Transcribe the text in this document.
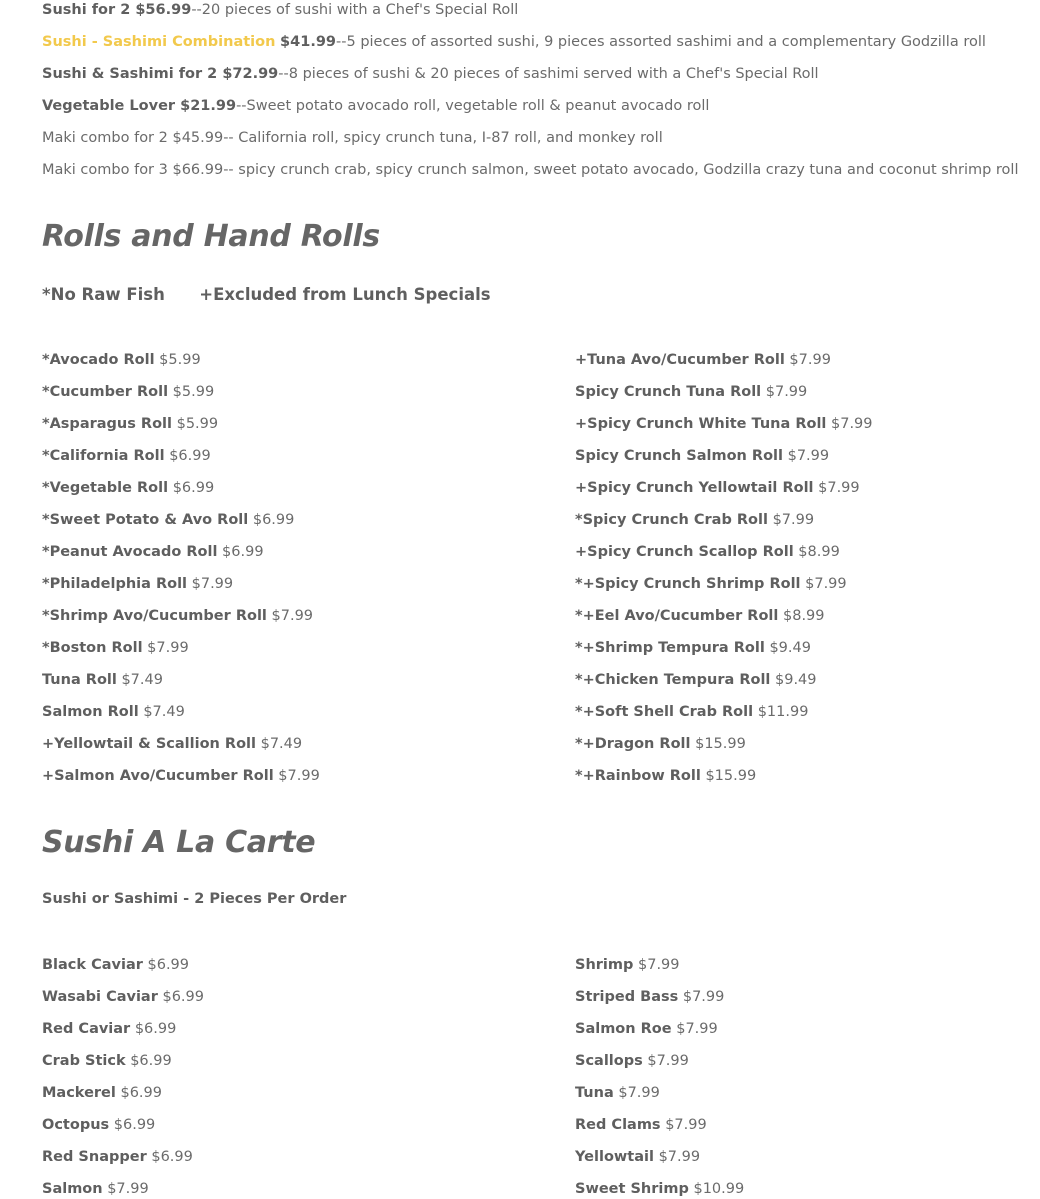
Sushi for 2 $56.99--20 pieces of sushi with a Chef's Special Roll
Sushi - Sashimi Combination $41.99--5 pieces of assorted sushi, 9 pieces assorted sashimi and a complementary Godzilla roll
Sushi & Sashimi for 2 $72.99--8 pieces of sushi & 20 pieces of sashimi served with a Chef's Special Roll
Vegetable Lover $21.99--Sweet potato avocado roll, vegetable roll & peanut avocado roll
Maki combo for 2 $45.99-- California roll, spicy crunch tuna, I-87 roll, and monkey roll
Maki combo for 3 $66.99-- spicy crunch crab, spicy crunch salmon, sweet potato avocado, Godzilla crazy tuna and coconut shrimp roll
Rolls and Hand Rolls
*No Raw Fish      +Excluded from Lunch Specials
*Avocado Roll $5.99
*Cucumber Roll $5.99
*Asparagus Roll $5.99
*California Roll $6.99
*Vegetable Roll $6.99
*Sweet Potato & Avo Roll $6.99
*Peanut Avocado Roll $6.99
*Philadelphia Roll $7.99
*Shrimp Avo/Cucumber Roll $7.99
*Boston Roll $7.99
Tuna Roll $7.49
Salmon Roll $7.49
+Yellowtail & Scallion Roll $7.49
+Salmon Avo/Cucumber Roll $7.99
+Tuna Avo/Cucumber Roll $7.99
Spicy Crunch Tuna Roll $7.99
+Spicy Crunch White Tuna Roll $7.99
Spicy Crunch Salmon Roll $7.99
+Spicy Crunch Yellowtail Roll $7.99
*Spicy Crunch Crab Roll $7.99
+Spicy Crunch Scallop Roll $8.99
*+Spicy Crunch Shrimp Roll $7.99
*+Eel Avo/Cucumber Roll $8.99
*+Shrimp Tempura Roll $9.49
*+Chicken Tempura Roll $9.49
*+Soft Shell Crab Roll $11.99
*+Dragon Roll $15.99
*+Rainbow Roll $15.99
Sushi A La Carte
Sushi or Sashimi - 2 Pieces Per Order
Black Caviar $6.99
Wasabi Caviar $6.99
Red Caviar $6.99
Crab Stick $6.99
Mackerel $6.99
Octopus $6.99
Red Snapper $6.99
Salmon $7.99
Shrimp $7.99
Striped Bass $7.99
Salmon Roe $7.99
Scallops $7.99
Tuna $7.99
Red Clams $7.99
Yellowtail $7.99
Sweet Shrimp $10.99
